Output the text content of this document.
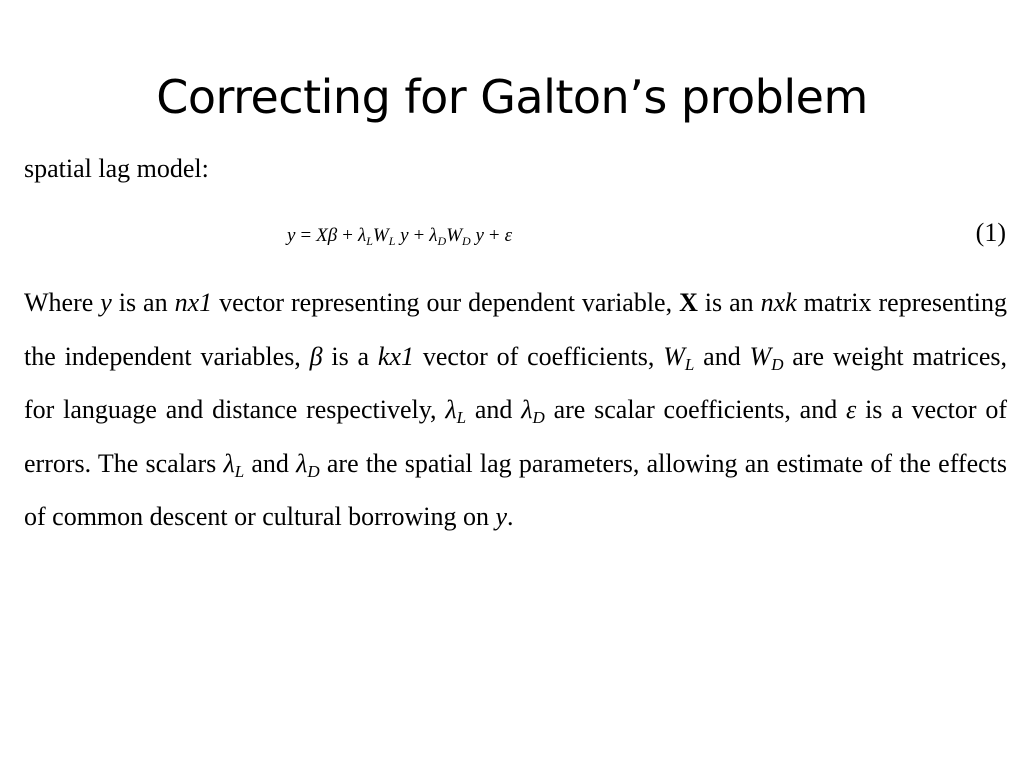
Correcting for Galton’s problem
spatial lag model:
$y = X\beta + \lambda_LW_L$ $y + \lambda_DW_D$ y + ε	(1)
Where y is an nx1 vector representing our dependent variable, X is an nxk matrix representing the independent variables, β is a kx1 vector of coefficients, $W_L$ and $W_D$ are weight matrices, for language and distance respectively, $\lambda_L$ and $\lambda_D$ are scalar coefficients, and ε is a vector of errors. The scalars $\lambda_L$ and $\lambda_D$ are the spatial lag parameters, allowing an estimate of the effects of common descent or cultural borrowing on y.
